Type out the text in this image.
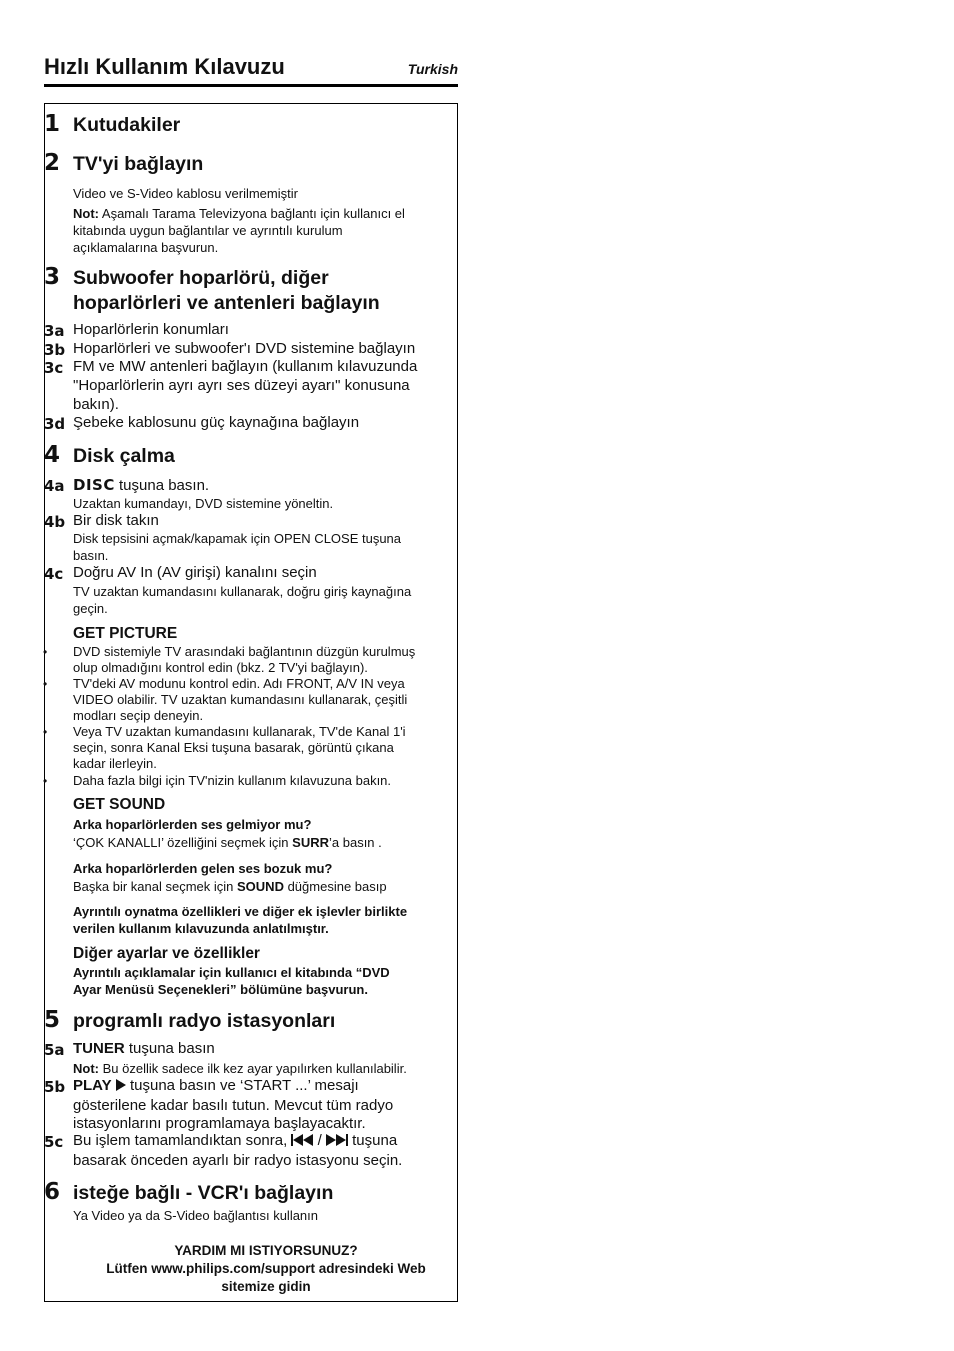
Hızlı Kullanım Kılavuzu	Turkish
1 Kutudakiler
2 TV'yi bağlayın
Video ve S-Video kablosu verilmemiştir
Not: Aşamalı Tarama Televizyona bağlantı için kullanıcı el
kitabında uygun bağlantılar ve ayrıntılı kurulum
açıklamalarına başvurun.
3 Subwoofer hoparlörü, diğer
hoparlörleri ve antenleri bağlayın
3a Hoparlörlerin konumları
3b Hoparlörleri ve subwoofer'ı DVD sistemine bağlayın
3c FM ve MW antenleri bağlayın (kullanım kılavuzunda
"Hoparlörlerin ayrı ayrı ses düzeyi ayarı" konusuna
bakın).
3d Şebeke kablosunu güç kaynağına bağlayın
4 Disk çalma
4a DISC tuşuna basın.
Uzaktan kumandayı, DVD sistemine yöneltin.
4b Bir disk takın
Disk tepsisini açmak/kapamak için OPEN CLOSE tuşuna
basın.
4c Doğru AV In (AV girişi) kanalını seçin
TV uzaktan kumandasını kullanarak, doğru giriş kaynağına
geçin.
GET PICTURE
• DVD sistemiyle TV arasındaki bağlantının düzgün kurulmuş
olup olmadığını kontrol edin (bkz. 2 TV'yi bağlayın).
• TV'deki AV modunu kontrol edin. Adı FRONT, A/V IN veya
VIDEO olabilir. TV uzaktan kumandasını kullanarak, çeşitli
modları seçip deneyin.
• Veya TV uzaktan kumandasını kullanarak, TV'de Kanal 1'i
seçin, sonra Kanal Eksi tuşuna basarak, görüntü çıkana
kadar ilerleyin.
• Daha fazla bilgi için TV'nizin kullanım kılavuzuna bakın.
GET SOUND
Arka hoparlörlerden ses gelmiyor mu?
‘ÇOK KANALLI’ özelliğini seçmek için SURR’a basın .
Arka hoparlörlerden gelen ses bozuk mu?
Başka bir kanal seçmek için SOUND düğmesine basıp
Ayrıntılı oynatma özellikleri ve diğer ek işlevler birlikte
verilen kullanım kılavuzunda anlatılmıştır.
Diğer ayarlar ve özellikler
Ayrıntılı açıklamalar için kullanıcı el kitabında “DVD
Ayar Menüsü Seçenekleri” bölümüne başvurun.
5 programlı radyo istasyonları
5a TUNER tuşuna basın
Not: Bu özellik sadece ilk kez ayar yapılırken kullanılabilir.
5b PLAY  tuşuna basın ve ‘START ...’ mesajı
gösterilene kadar basılı tutun. Mevcut tüm radyo
istasyonlarını programlamaya başlayacaktır.
5c Bu işlem tamamlandıktan sonra,  /  tuşuna
basarak önceden ayarlı bir radyo istasyonu seçin.
6 isteğe bağlı - VCR'ı bağlayın
Ya Video ya da S-Video bağlantısı kullanın
YARDIM MI ISTIYORSUNUZ?
Lütfen www.philips.com/support adresindeki Web
sitemize gidin
